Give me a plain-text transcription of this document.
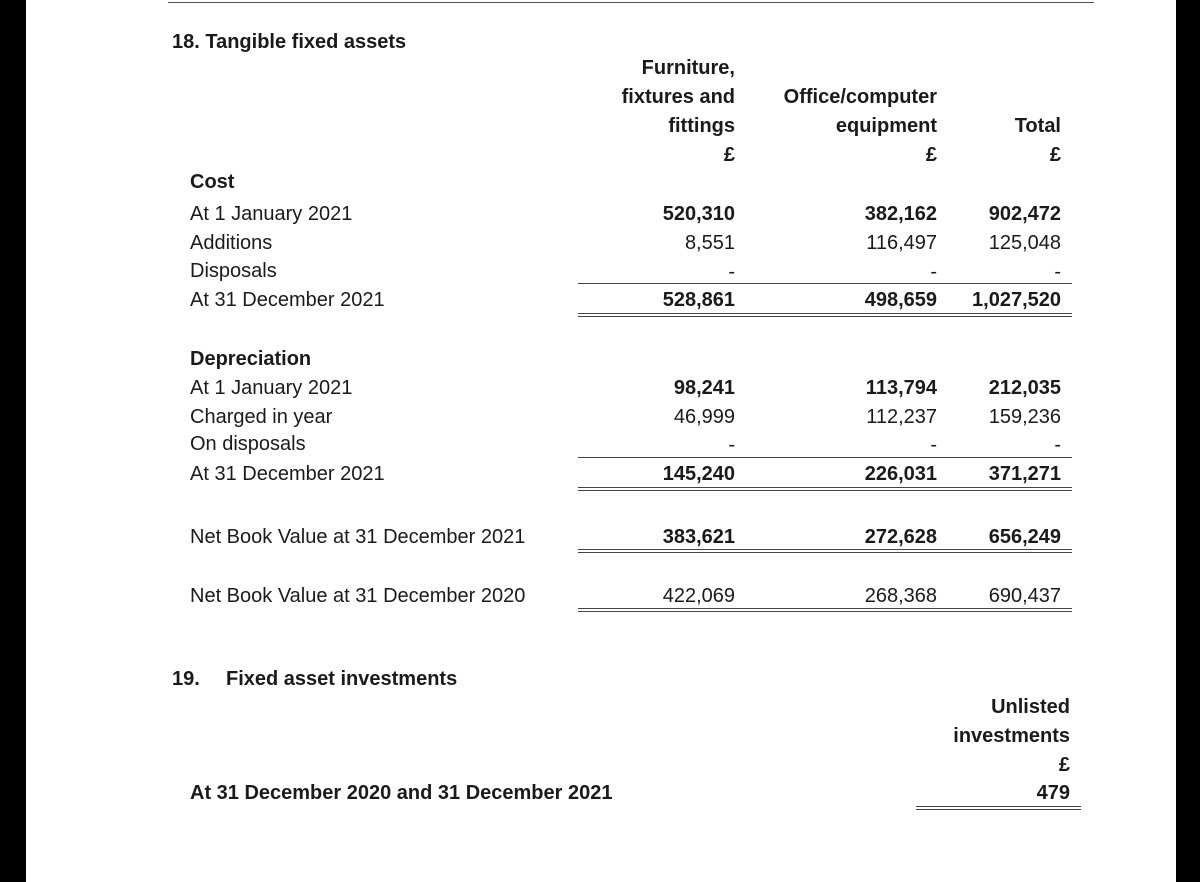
18. Tangible fixed assets
Furniture,
fixtures and
fittings
£
Office/computer
equipment
£
Total
£
Cost
At 1 January 2021	520,310	382,162	902,472
Additions	8,551	116,497	125,048
Disposals	-	-	-
At 31 December 2021	528,861	498,659	1,027,520
Depreciation
At 1 January 2021	98,241	113,794	212,035
Charged in year	46,999	112,237	159,236
On disposals	-	-	-
At 31 December 2021	145,240	226,031	371,271
Net Book Value at 31 December 2021	383,621	272,628	656,249
Net Book Value at 31 December 2020	422,069	268,368	690,437
19. Fixed asset investments
Unlisted
investments
£
At 31 December 2020 and 31 December 2021	479
